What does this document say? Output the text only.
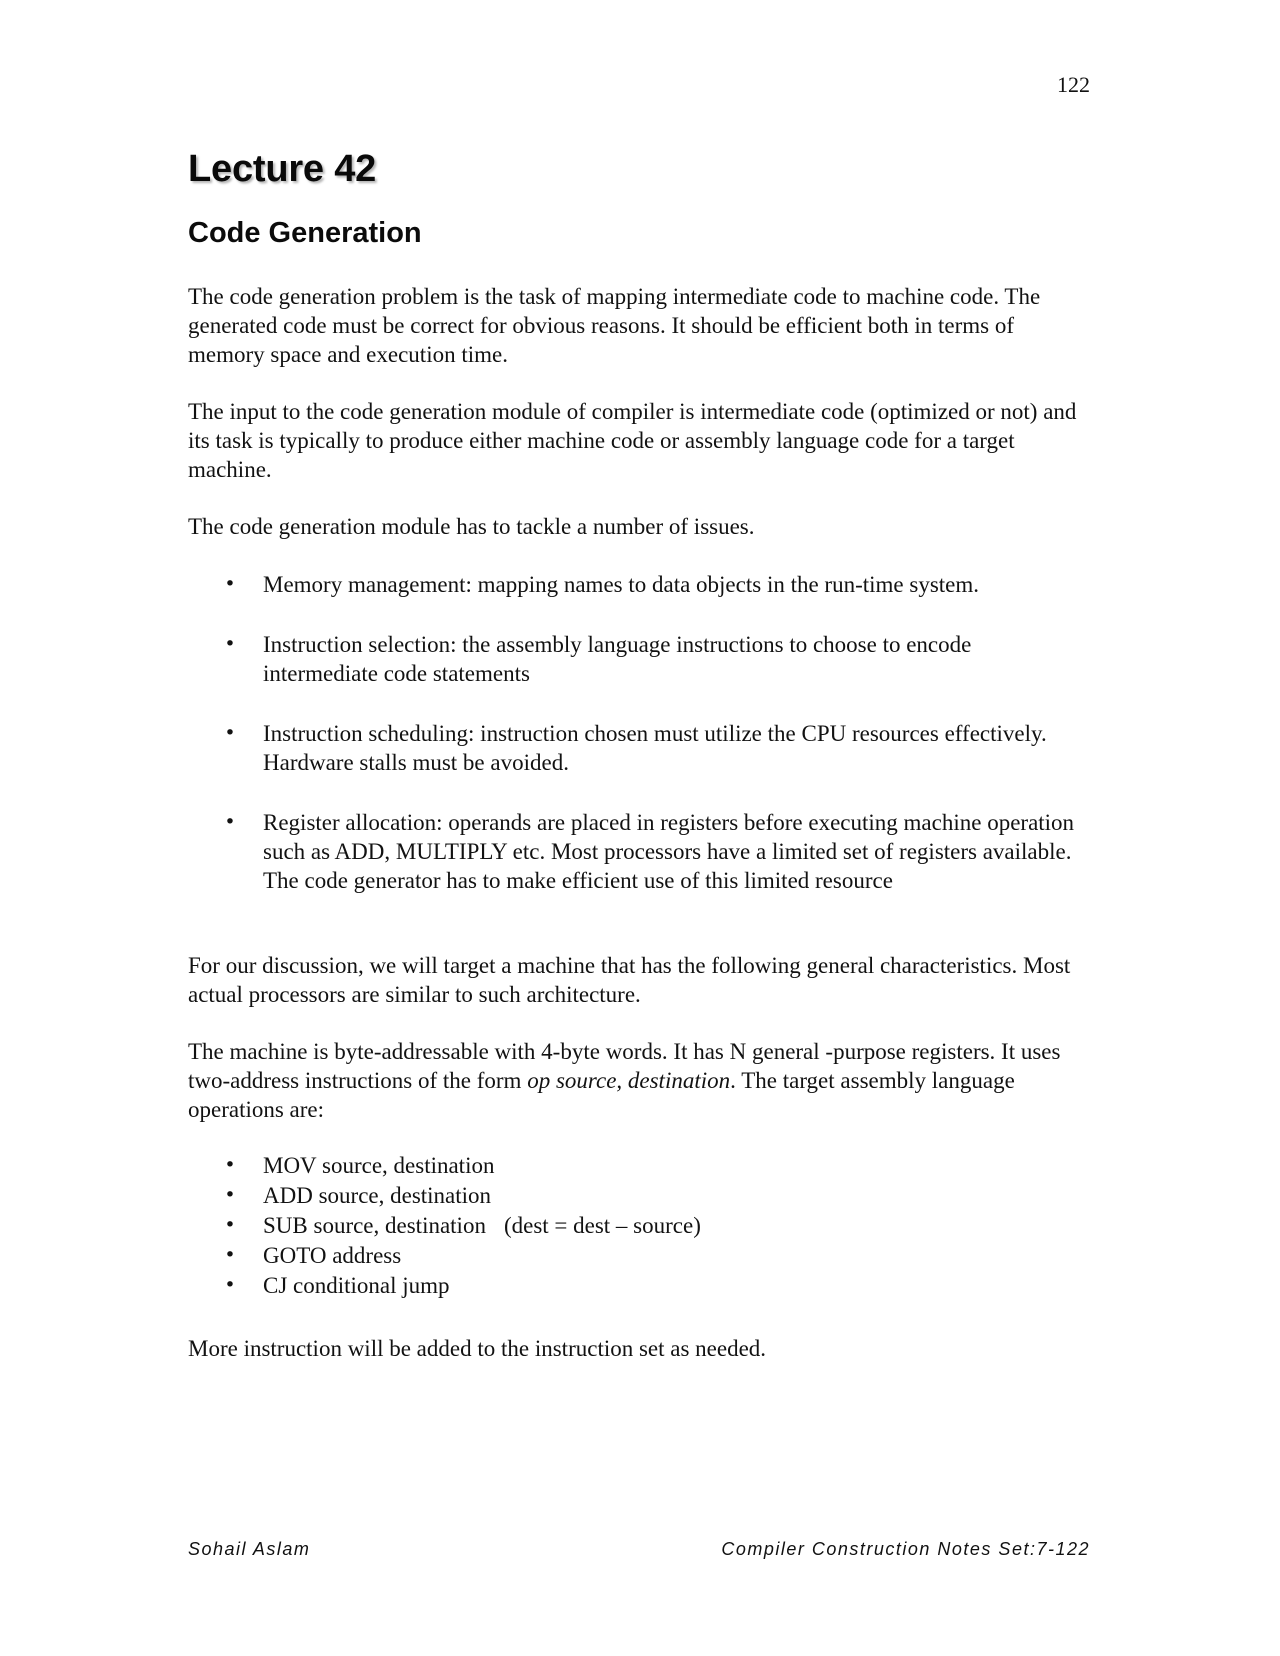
122
Lecture 42
Code Generation

The code generation problem is the task of mapping intermediate code to machine code. The generated code must be correct for obvious reasons. It should be efficient both in terms of memory space and execution time.

The input to the code generation module of compiler is intermediate code (optimized or not) and its task is typically to produce either machine code or assembly language code for a target machine.

The code generation module has to tackle a number of issues.

• Memory management: mapping names to data objects in the run-time system.
• Instruction selection: the assembly language instructions to choose to encode intermediate code statements
• Instruction scheduling: instruction chosen must utilize the CPU resources effectively. Hardware stalls must be avoided.
• Register allocation: operands are placed in registers before executing machine operation such as ADD, MULTIPLY etc. Most processors have a limited set of registers available. The code generator has to make efficient use of this limited resource

For our discussion, we will target a machine that has the following general characteristics. Most actual processors are similar to such architecture.

The machine is byte-addressable with 4-byte words. It has N general -purpose registers. It uses two-address instructions of the form op source, destination. The target assembly language operations are:

• MOV source, destination
• ADD source, destination
• SUB source, destination (dest = dest – source)
• GOTO address
• CJ conditional jump

More instruction will be added to the instruction set as needed.

Sohail Aslam	Compiler Construction Notes Set:7-122
